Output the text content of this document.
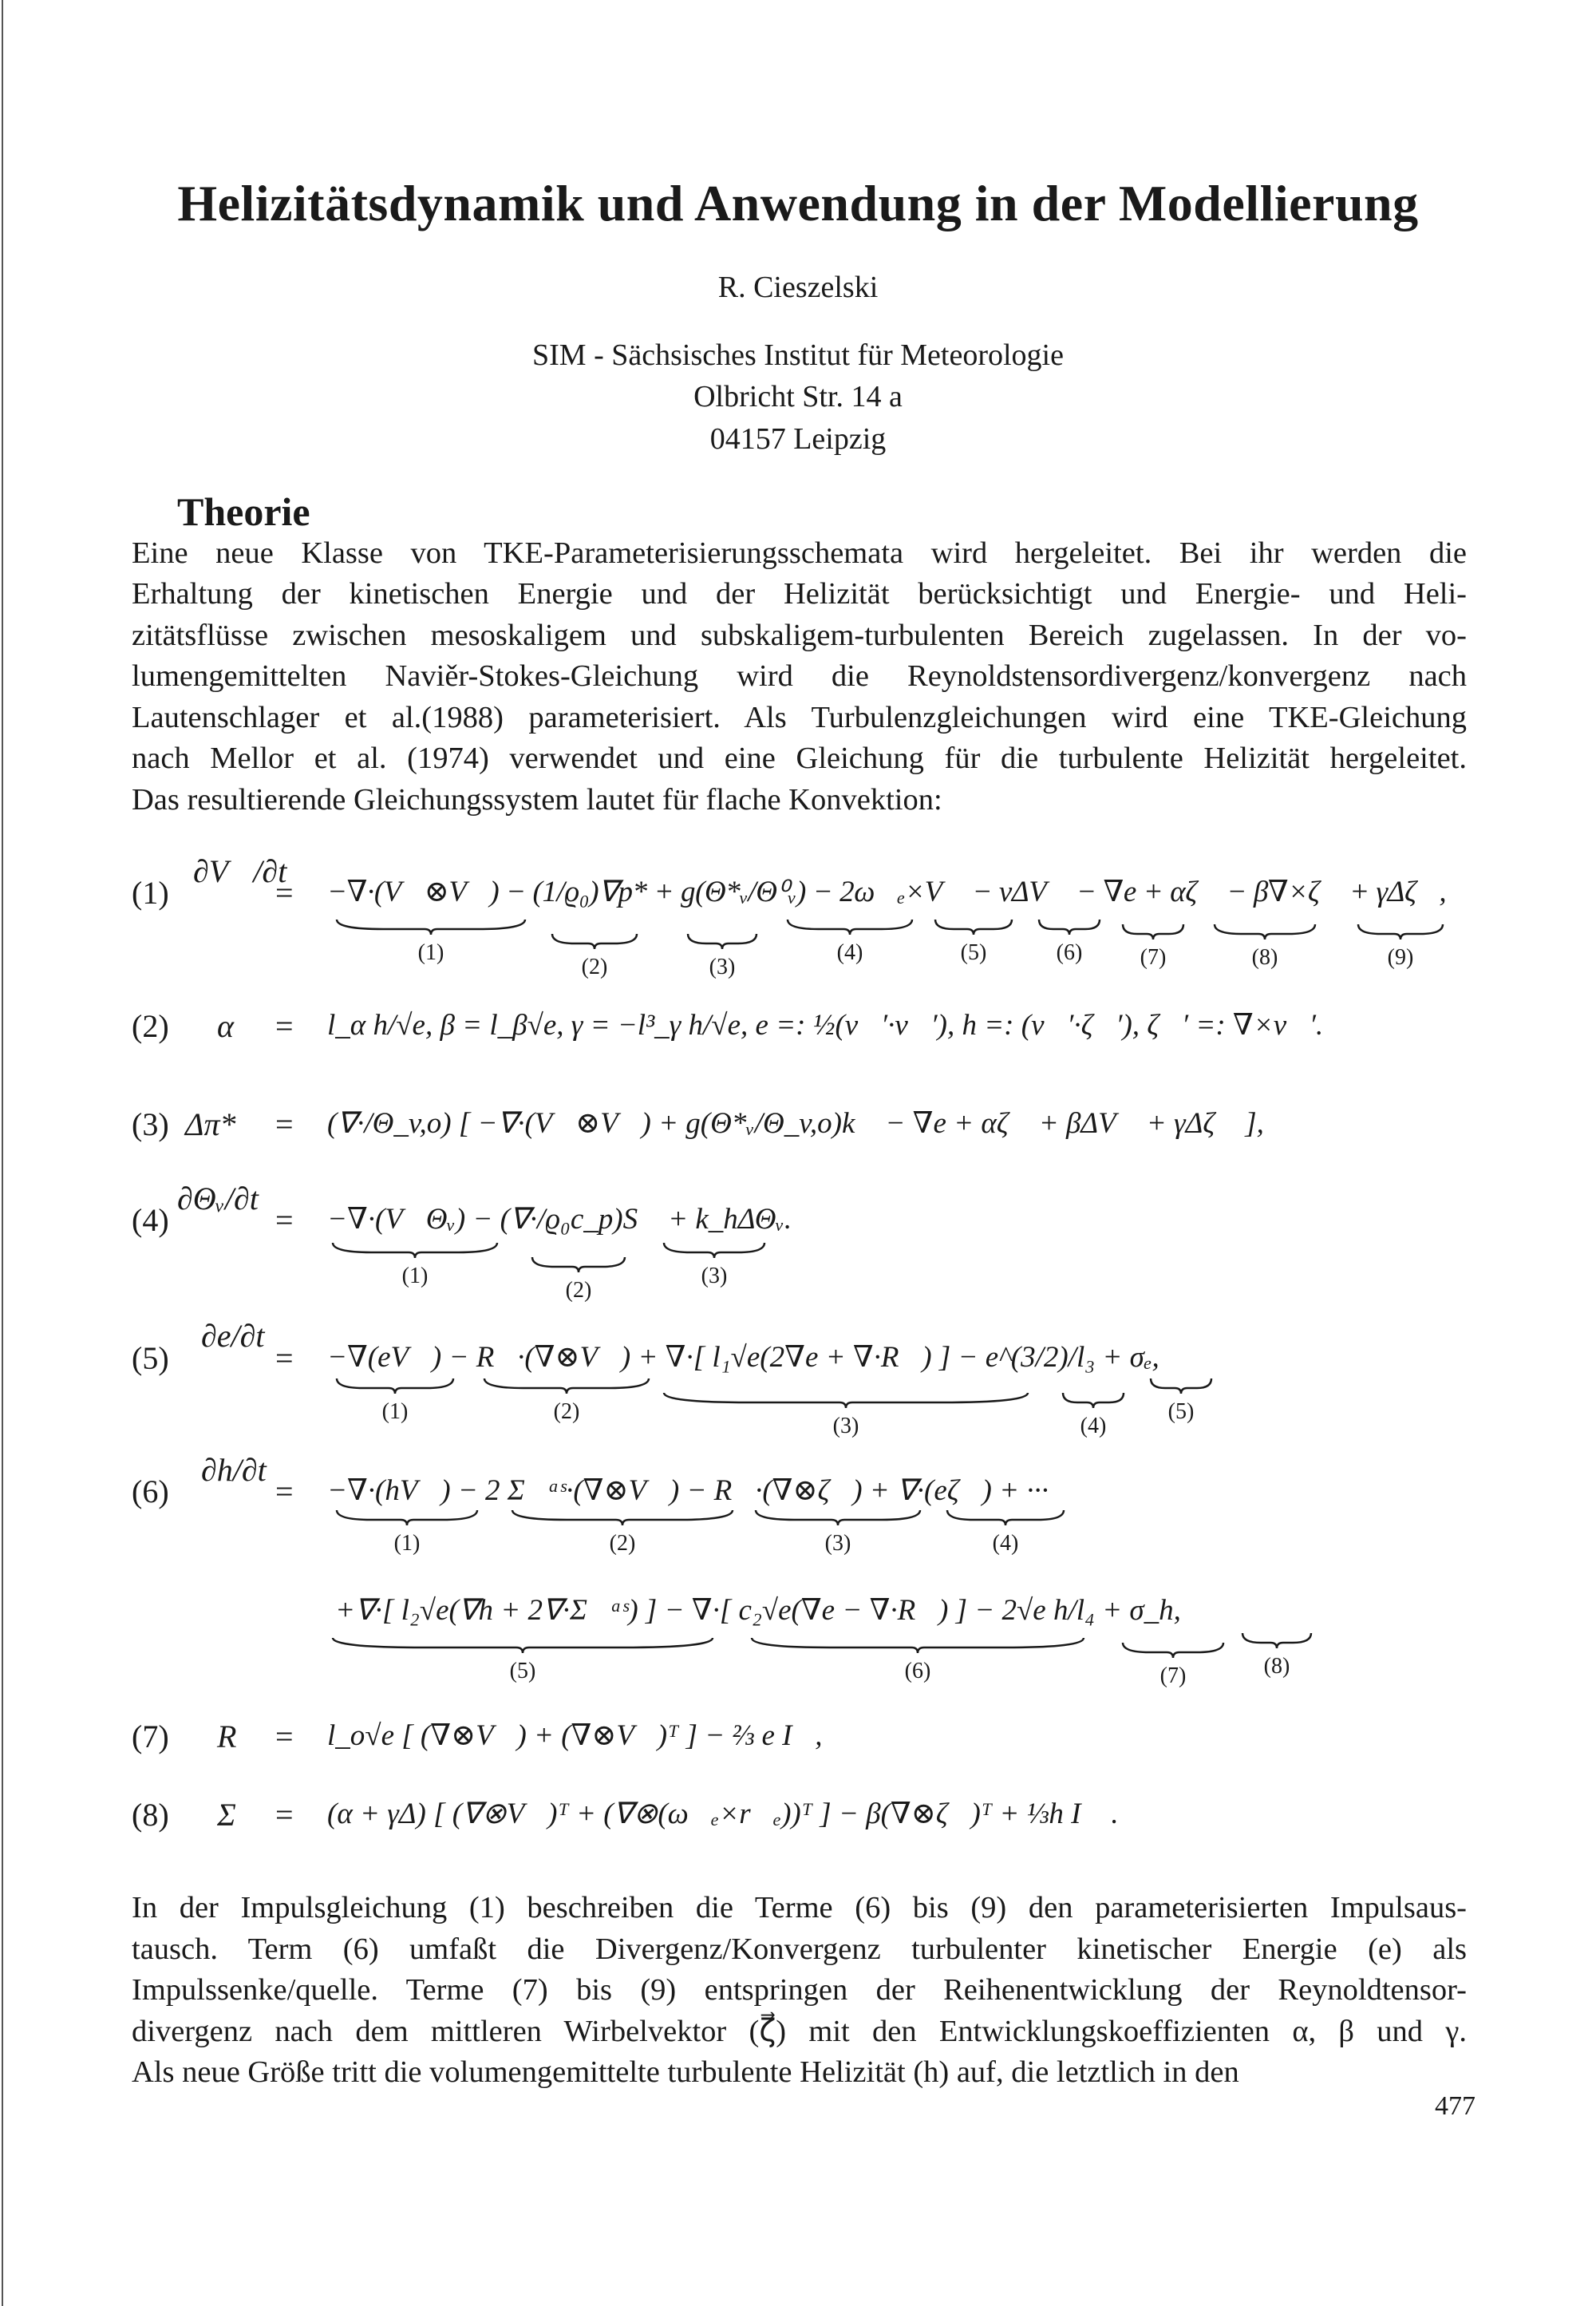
Helizitätsdynamik und Anwendung in der Modellierung
R. Cieszelski
SIM - Sächsisches Institut für Meteorologie
Olbricht Str. 14 a
04157 Leipzig
Theorie
Eine neue Klasse von TKE-Parameterisierungsschemata wird hergeleitet. Bei ihr werden die
Erhaltung der kinetischen Energie und der Helizität berücksichtigt und Energie- und Heli-
zitätsflüsse zwischen mesoskaligem und subskaligem-turbulenten Bereich zugelassen. In der vo-
lumengemittelten Naviěr-Stokes-Gleichung wird die Reynoldstensordivergenz/konvergenz nach
Lautenschlager et al.(1988) parameterisiert. Als Turbulenzgleichungen wird eine TKE-Gleichung
nach Mellor et al. (1974) verwendet und eine Gleichung für die turbulente Helizität hergeleitet.
Das resultierende Gleichungssystem lautet für flache Konvektion:
(1)
∂V⃗/∂t
= −∇·(V⃗⊗V⃗) − (1/ϱ₀)∇p* + g(Θ*ᵥ/Θ⁰ᵥ) − 2ω⃗ₑ×V⃗ − νΔV⃗ − ∇e + αζ⃗ − β∇×ζ⃗ + γΔζ⃗,
(1)
(2)	(3)
(4)	(5)	(6)	(7)	(8)	(9)
(2) α = l_α h/√e, β = l_β√e, γ = −l³_γ h/√e, e =: ½(v⃗′·v⃗′), h =: (v⃗′·ζ⃗′), ζ⃗′ =: ∇×v⃗′.
(3) Δπ* = (∇·/Θ_v,o) [ −∇·(V⃗⊗V⃗) + g(Θ*ᵥ/Θ_v,o)k⃗ − ∇e + αζ⃗ + βΔV⃗ + γΔζ⃗ ],
(4)
∂Θᵥ/∂t
= −∇·(V⃗Θᵥ) − (∇·/ϱ₀c_p)S⃗ + k_hΔΘᵥ.
(1)
(2)
(3)
(5)
∂e/∂t
= −∇(eV⃗) − R⃡·(∇⊗V⃗) + ∇·[ l₁√e(2∇e + ∇·R⃡) ] − e^(3/2)/l₃ + σₑ,
(1)	(2)
(3)	(4)
(5)
(6)
∂h/∂t
= −∇·(hV⃗) − 2 Σ⃡ᵃˢ·(∇⊗V⃗) − R⃡·(∇⊗ζ⃗) + ∇·(eζ⃗) + ···
(1)	(2)	(3)	(4)
+∇·[ l₂√e(∇h + 2∇·Σ⃡ᵃˢ) ] − ∇·[ c₂√e(∇e − ∇·R⃡) ] − 2√e h/l₄ + σ_h,
(5)	(6)	(7)	(8)
(7) R⃡ = l_o√e [ (∇⊗V⃗) + (∇⊗V⃗)ᵀ ] − ⅔ e I⃡,
(8) Σ⃡ = (α + γΔ) [ (∇⊗V⃗)ᵀ + (∇⊗(ω⃗ₑ×r⃗ₑ))ᵀ ] − β(∇⊗ζ⃗)ᵀ + ⅓h I⃡ .
In der Impulsgleichung (1) beschreiben die Terme (6) bis (9) den parameterisierten Impulsaus-
tausch. Term (6) umfaßt die Divergenz/Konvergenz turbulenter kinetischer Energie (e) als
Impulssenke/quelle. Terme (7) bis (9) entspringen der Reihenentwicklung der Reynoldtensor-
divergenz nach dem mittleren Wirbelvektor (ζ⃗) mit den Entwicklungskoeffizienten α, β und γ.
Als neue Größe tritt die volumengemittelte turbulente Helizität (h) auf, die letztlich in den
477
